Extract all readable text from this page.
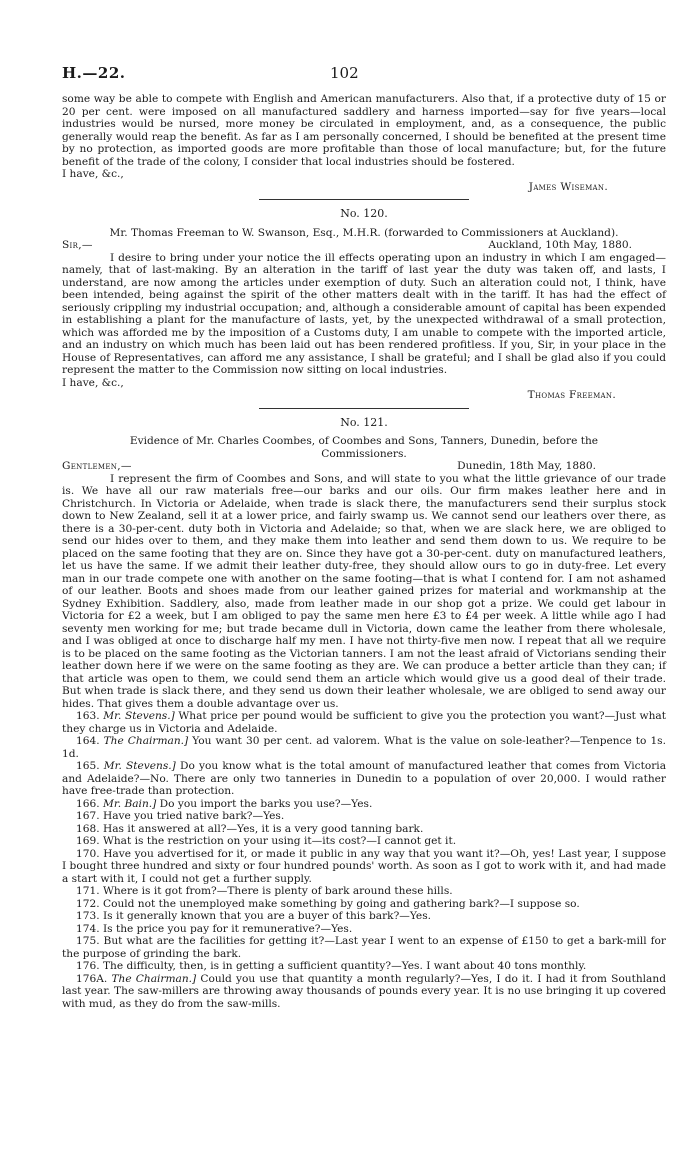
H.—22.	102

some way be able to compete with English and American manufacturers. Also that, if a protective duty of 15 or 20 per cent. were imposed on all manufactured saddlery and harness imported—say for five years—local industries would be nursed, more money be circulated in employment, and, as a consequence, the public generally would reap the benefit. As far as I am personally concerned, I should be benefited at the present time by no protection, as imported goods are more profitable than those of local manufacture; but, for the future benefit of the trade of the colony, I consider that local industries should be fostered.

I have, &c.,

James Wiseman.

No. 120.

Mr. Thomas Freeman to W. Swanson, Esq., M.H.R. (forwarded to Commissioners at Auckland).

Sir,—	Auckland, 10th May, 1880.

I desire to bring under your notice the ill effects operating upon an industry in which I am engaged—namely, that of last-making. By an alteration in the tariff of last year the duty was taken off, and lasts, I understand, are now among the articles under exemption of duty. Such an alteration could not, I think, have been intended, being against the spirit of the other matters dealt with in the tariff. It has had the effect of seriously crippling my industrial occupation; and, although a considerable amount of capital has been expended in establishing a plant for the manufacture of lasts, yet, by the unexpected withdrawal of a small protection, which was afforded me by the imposition of a Customs duty, I am unable to compete with the imported article, and an industry on which much has been laid out has been rendered profitless. If you, Sir, in your place in the House of Representatives, can afford me any assistance, I shall be grateful; and I shall be glad also if you could represent the matter to the Commission now sitting on local industries.

I have, &c.,

Thomas Freeman.

No. 121.

Evidence of Mr. Charles Coombes, of Coombes and Sons, Tanners, Dunedin, before the Commissioners.

Gentlemen,—	Dunedin, 18th May, 1880.

I represent the firm of Coombes and Sons, and will state to you what the little grievance of our trade is. We have all our raw materials free—our barks and our oils. Our firm makes leather here and in Christchurch. In Victoria or Adelaide, when trade is slack there, the manufacturers send their surplus stock down to New Zealand, sell it at a lower price, and fairly swamp us. We cannot send our leathers over there, as there is a 30-per-cent. duty both in Victoria and Adelaide; so that, when we are slack here, we are obliged to send our hides over to them, and they make them into leather and send them down to us. We require to be placed on the same footing that they are on. Since they have got a 30-per-cent. duty on manufactured leathers, let us have the same. If we admit their leather duty-free, they should allow ours to go in duty-free. Let every man in our trade compete one with another on the same footing—that is what I contend for. I am not ashamed of our leather. Boots and shoes made from our leather gained prizes for material and workmanship at the Sydney Exhibition. Saddlery, also, made from leather made in our shop got a prize. We could get labour in Victoria for £2 a week, but I am obliged to pay the same men here £3 to £4 per week. A little while ago I had seventy men working for me; but trade became dull in Victoria, down came the leather from there wholesale, and I was obliged at once to discharge half my men. I have not thirty-five men now. I repeat that all we require is to be placed on the same footing as the Victorian tanners. I am not the least afraid of Victorians sending their leather down here if we were on the same footing as they are. We can produce a better article than they can; if that article was open to them, we could send them an article which would give us a good deal of their trade. But when trade is slack there, and they send us down their leather wholesale, we are obliged to send away our hides. That gives them a double advantage over us.

163. Mr. Stevens.] What price per pound would be sufficient to give you the protection you want?—Just what they charge us in Victoria and Adelaide.

164. The Chairman.] You want 30 per cent. ad valorem. What is the value on sole-leather?—Tenpence to 1s. 1d.

165. Mr. Stevens.] Do you know what is the total amount of manufactured leather that comes from Victoria and Adelaide?—No. There are only two tanneries in Dunedin to a population of over 20,000. I would rather have free-trade than protection.

166. Mr. Bain.] Do you import the barks you use?—Yes.

167. Have you tried native bark?—Yes.

168. Has it answered at all?—Yes, it is a very good tanning bark.

169. What is the restriction on your using it—its cost?—I cannot get it.

170. Have you advertised for it, or made it public in any way that you want it?—Oh, yes! Last year, I suppose I bought three hundred and sixty or four hundred pounds' worth. As soon as I got to work with it, and had made a start with it, I could not get a further supply.

171. Where is it got from?—There is plenty of bark around these hills.

172. Could not the unemployed make something by going and gathering bark?—I suppose so.

173. Is it generally known that you are a buyer of this bark?—Yes.

174. Is the price you pay for it remunerative?—Yes.

175. But what are the facilities for getting it?—Last year I went to an expense of £150 to get a bark-mill for the purpose of grinding the bark.

176. The difficulty, then, is in getting a sufficient quantity?—Yes. I want about 40 tons monthly.

176A. The Chairman.] Could you use that quantity a month regularly?—Yes, I do it. I had it from Southland last year. The saw-millers are throwing away thousands of pounds every year. It is no use bringing it up covered with mud, as they do from the saw-mills.
